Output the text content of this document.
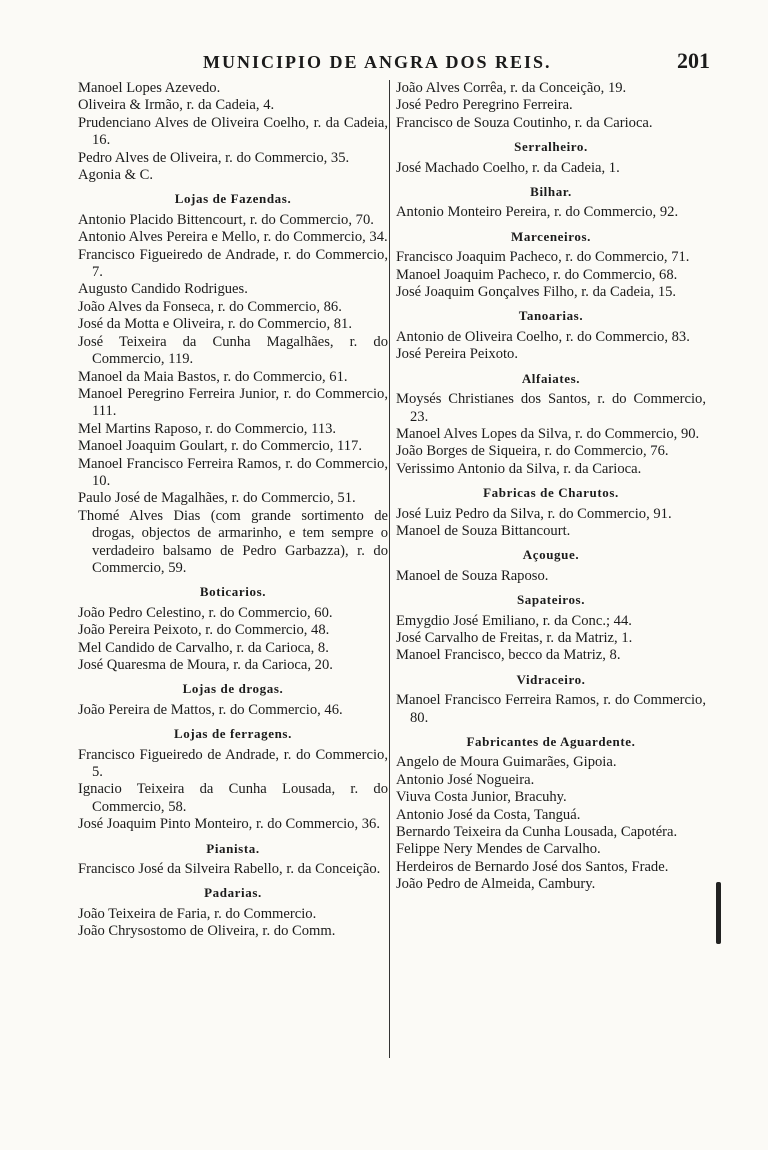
MUNICIPIO DE ANGRA DOS REIS.	201

Manoel Lopes Azevedo.

Oliveira & Irmão, r. da Cadeia, 4.

Prudenciano Alves de Oliveira Coelho, r. da Cadeia, 16.

Pedro Alves de Oliveira, r. do Commercio, 35.

Agonia & C.

Lojas de Fazendas.

Antonio Placido Bittencourt, r. do Commercio, 70.

Antonio Alves Pereira e Mello, r. do Commercio, 34.

Francisco Figueiredo de Andrade, r. do Commercio, 7.

Augusto Candido Rodrigues.

João Alves da Fonseca, r. do Commercio, 86.

José da Motta e Oliveira, r. do Commercio, 81.

José Teixeira da Cunha Magalhães, r. do Commercio, 119.

Manoel da Maia Bastos, r. do Commercio, 61.

Manoel Peregrino Ferreira Junior, r. do Commercio, 111.

Mel Martins Raposo, r. do Commercio, 113.

Manoel Joaquim Goulart, r. do Commercio, 117.

Manoel Francisco Ferreira Ramos, r. do Commercio, 10.

Paulo José de Magalhães, r. do Commercio, 51.

Thomé Alves Dias (com grande sortimento de drogas, objectos de armarinho, e tem sempre o verdadeiro balsamo de Pedro Garbazza), r. do Commercio, 59.

Boticarios.

João Pedro Celestino, r. do Commercio, 60.

João Pereira Peixoto, r. do Commercio, 48.

Mel Candido de Carvalho, r. da Carioca, 8.

José Quaresma de Moura, r. da Carioca, 20.

Lojas de drogas.

João Pereira de Mattos, r. do Commercio, 46.

Lojas de ferragens.

Francisco Figueiredo de Andrade, r. do Commercio, 5.

Ignacio Teixeira da Cunha Lousada, r. do Commercio, 58.

José Joaquim Pinto Monteiro, r. do Commercio, 36.

Pianista.

Francisco José da Silveira Rabello, r. da Conceição.

Padarias.

João Teixeira de Faria, r. do Commercio.

João Chrysostomo de Oliveira, r. do Comm.

João Alves Corrêa, r. da Conceição, 19.

José Pedro Peregrino Ferreira.

Francisco de Souza Coutinho, r. da Carioca.

Serralheiro.

José Machado Coelho, r. da Cadeia, 1.

Bilhar.

Antonio Monteiro Pereira, r. do Commercio, 92.

Marceneiros.

Francisco Joaquim Pacheco, r. do Commercio, 71.

Manoel Joaquim Pacheco, r. do Commercio, 68.

José Joaquim Gonçalves Filho, r. da Cadeia, 15.

Tanoarias.

Antonio de Oliveira Coelho, r. do Commercio, 83.

José Pereira Peixoto.

Alfaiates.

Moysés Christianes dos Santos, r. do Commercio, 23.

Manoel Alves Lopes da Silva, r. do Commercio, 90.

João Borges de Siqueira, r. do Commercio, 76.

Verissimo Antonio da Silva, r. da Carioca.

Fabricas de Charutos.

José Luiz Pedro da Silva, r. do Commercio, 91.

Manoel de Souza Bittancourt.

Açougue.

Manoel de Souza Raposo.

Sapateiros.

Emygdio José Emiliano, r. da Conc.; 44.

José Carvalho de Freitas, r. da Matriz, 1.

Manoel Francisco, becco da Matriz, 8.

Vidraceiro.

Manoel Francisco Ferreira Ramos, r. do Commercio, 80.

Fabricantes de Aguardente.

Angelo de Moura Guimarães, Gipoia.

Antonio José Nogueira.

Viuva Costa Junior, Bracuhy.

Antonio José da Costa, Tanguá.

Bernardo Teixeira da Cunha Lousada, Capotéra.

Felippe Nery Mendes de Carvalho.

Herdeiros de Bernardo José dos Santos, Frade.

João Pedro de Almeida, Cambury.
